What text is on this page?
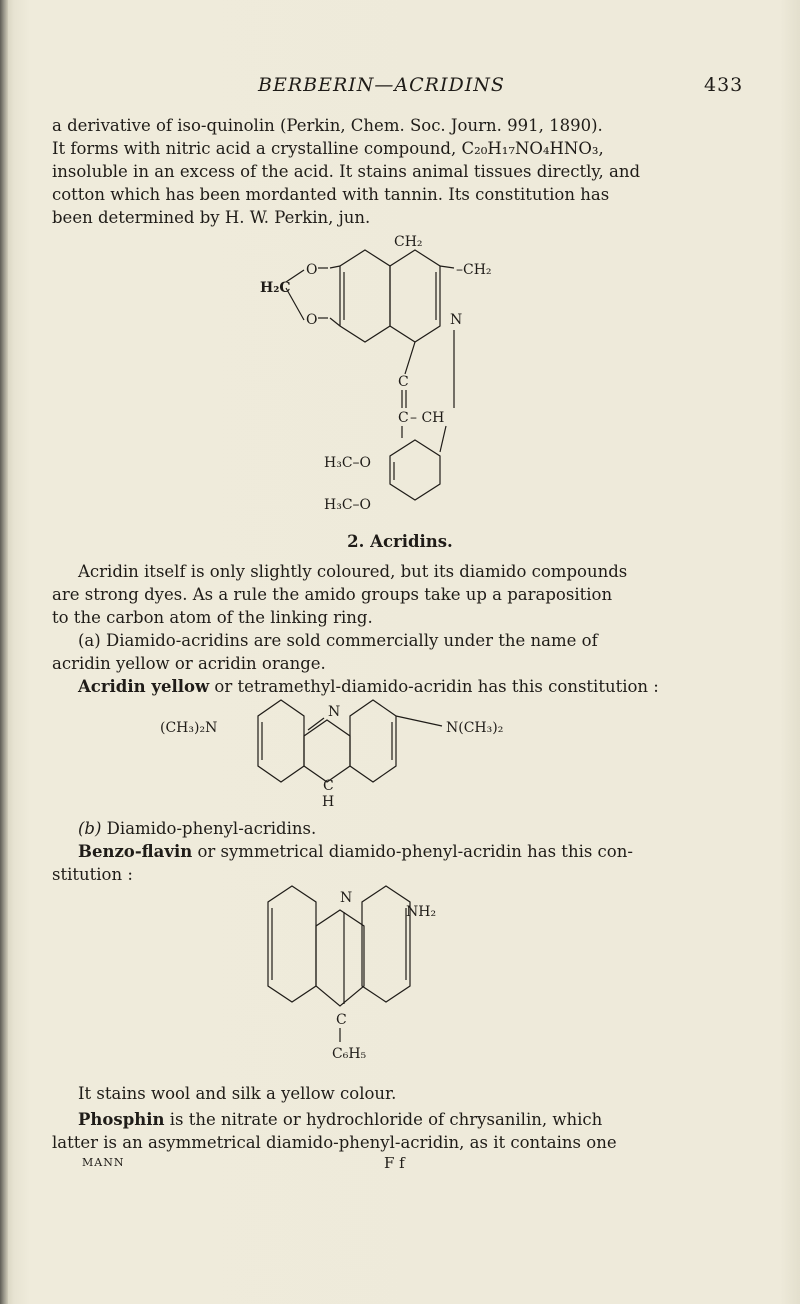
BERBERIN—ACRIDINS	433
a derivative of iso-quinolin (Perkin, Chem. Soc. Journ. 991, 1890).
It forms with nitric acid a crystalline compound, C₂₀H₁₇NO₄HNO₃,
insoluble in an excess of the acid. It stains animal tissues directly, and
cotton which has been mordanted with tannin. Its constitution has
been determined by H. W. Perkin, jun.
CH₂
H₂C
O
O
–CH₂
N
C
C – CH
H₃C–O
H₃C–O
2. Acridins.
Acridin itself is only slightly coloured, but its diamido compounds
are strong dyes. As a rule the amido groups take up a paraposition
to the carbon atom of the linking ring.
(a) Diamido-acridins are sold commercially under the name of
acridin yellow or acridin orange.
Acridin yellow or tetramethyl-diamido-acridin has this constitution :
(CH₃)₂N
N
N(CH₃)₂
C
H
(b) Diamido-phenyl-acridins.
Benzo-flavin or symmetrical diamido-phenyl-acridin has this con-
stitution :
N
NH₂
C
C₆H₅
It stains wool and silk a yellow colour.
Phosphin is the nitrate or hydrochloride of chrysanilin, which
latter is an asymmetrical diamido-phenyl-acridin, as it contains one
MANN	F f
